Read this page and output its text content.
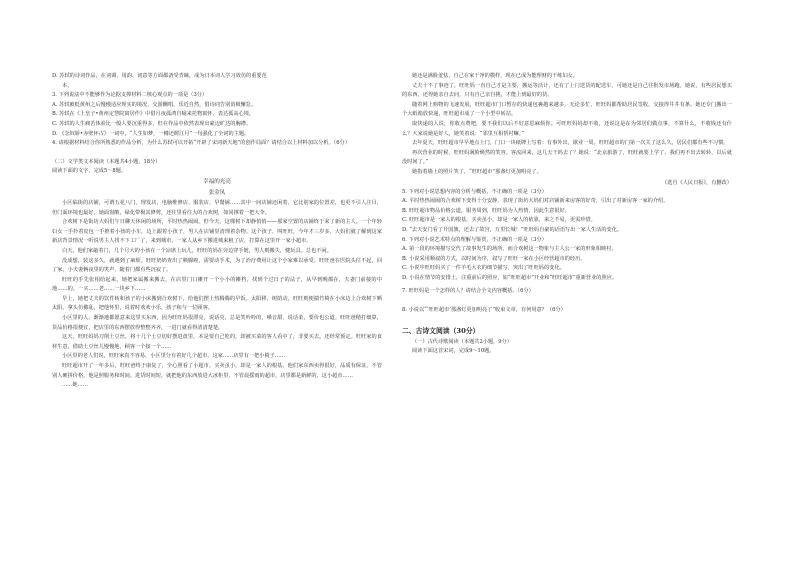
D. 苏轼的诗词作品，在词调、用韵、词意等方面都备受青睐，成为日本词人学习效仿的重要范

本。

3. 下列说法中不能够作为论据支撑材料二核心观点的一项是（3分）

A. 苏轼被贬黄州之后慢慢适应现实的境况，交游酬唱，乐近自然，借诗词告别消极懈怠。

B. 苏轼在《上皇子•黄州定慧院寓居作》中借月夜孤鸿自喻来托物寓怀，表达孤高心境。

C. 苏轼的人生痛苦体验比一般人要沉重得多，但在作品中依然表现出豪迈旷达的胸襟。

D. 《念奴娇•赤壁怀古》一词中，“人生如梦，一樽还酹江月”一句强化了全词的主题。

4. 请根据材料结合你所熟悉的作品分析，为什么苏轼可以开拓“开辟了宋词新天地”的创作局面？请结合以上材料加以分析。（6分）

（二）文学类文本阅读（本题共4小题，18分）

阅读下面的文字，完成5～8题。

幸福的光亮

张金凤

小区临街的店铺，可谓五花八门。理发店、电脑维修店、服装店、早餐铺……其中一间店铺还闲着，它比别家的位置差，也更不引人注目，但门面环境也最好，她面窗敞，绿化带极其修剪，还往里看往大的合欢树，如同撑着一把大伞。

合欢树下是街坊大妈们午日聊天休闲的场所，平时热热闹闹。但今天，这棵树下却静悄悄——那家空置的店铺终于来了新的主人。一个年轻妇女一手拎着皮包一手推着小孩的小车，边上跟着小孩子，男人在店铺里清理着杂物。这个孩子，叫旺旺，今年才三岁多，大妈们就了解到这家新店背景情况一听说男主人找不下工厂了，来到城市，一家人从乡下搬进城来租了店，打算在这里开一家小超市。

白天，他们家敲着门，几个月大的小孩在一个凉席上玩儿，旺旺的妈在旁边穿手链，男人则搬失，健玩具。总也不闲。

没成想，装这多久，就遇到了麻烦。旺旺奶奶查出了胰腺癌，需要动手术，为了治疗费用让这个小家难以承受。旺旺爸在医院头往不起，回了家，小夫妻俩夜里的笑声，随着门都有些沉寂了。

旺旺的手先张相给起来，她把家属搬来搬去，在店里门口摊开一个小小的摊档，找到个过日子的法子，从早到晚都在，夫妻门前接的中地……的。一买……老……一块乡下……

早上，她把丈夫的饮件转和孩子的小床搬到合欢树下，给他们摆上热腾腾的早饭。太阳移，树荫动，旺旺则便揣竹椅在小床边上合欢树下晒太阳，拿头仿佛乱，把他怀里，说着时欢欢小乐，孩子和与一位顾客。

小区里的人，渐渐地都愿意来这里买东西，因为旺旺妈很漂亮，说话亮，总是笑吟吟的，嗓音甜，说话柔，要价也公道。旺旺爸精打细算，货品价格很便宜，把店里的东西摆放得整整齐齐，一进门就看得清清楚楚。

这天，旺旺妈妈刀削土豆丝，将十几个土豆切好摆进盘里，本是要自己吃的，却被买菜的客人看中了，非要买去。还经常预定。旺旺家的食材生意，借助土豆丝儿慢慢地，顾客一个接一个……

小区里的老人们说，旺旺家真不容易，小区里分有着好几个超市，这家……店里有一把小椅子……

旺旺超市开了一年多后，旺旺爸终于康复了，全心照看了小超市。买卖虽小，却是一家人的根基。他们家东西卖得很好，品质有保证，不管别人硬拼价格，他是照服务和时间。进货时间短，就把他的东西放进大冰柜里，不管晨摇雨的超市，店里都是新鲜的，这小超市……

……她……

她还是满脸羞怯，自己在家干净的模样，现在已成为能理财的干练妇女。

丈夫十不了事迹了，旺旺妈一直自己才是主要，搬运等活计，还有了上门送货的配送车，可她还是自己往批发市场跑。她说，有些居民想买的东西，还得她亲自去问，只有自己亲自挑，才能上到最好的货。

随着网上购物的飞速发展，旺旺超市门口暂存的快递包裹越来越多，无论多忙，旺旺妈都帮助居民签收，交接得井井有条。她还专门搬出一个大纸箱放快递，旺旺超市成了一个小型中转站。

取快递的人说，你收点费吧，要不我们以后不好意思麻烦你。可旺旺妈妈却不收，还说这是在为邻居们做点事，不算什么，不收钱还有什么？大家说她是好人，她笑着说：“邻里互相帮衬嘛。”

去年夏天，旺旺超市早早地点上门，门口一块纸牌上写着：有事外出，歇业一周。旺旺超市的门第一次关了这么久，居民们都有些不习惯。

再次营业的时候，旺旺妈满脸焕然的笑容。客流回来，这几天干吗去了？她说：“北京旅游了，旺旺就要上学了，我们再不出去转转，以后就没时间了。”

她指着墙上的照片笑了，“旺旺超市”那盏灯更加明亮了。

（选自《人民日报》，有删改）

5. 下列对小说思想内容的分析与概括，不正确的一项是（3分）

A. 平时热热闹闹的合欢树下变得十分安静，表现了街坊大妈们对店铺新来房客的好奇，引出了对新房客一家的介绍。

B. 旺旺超市物品价格公道，服务周到，旺旺妈为人热情，因此生意很好。

C. 旺旺超市是一家人的根基，买卖虽小，却是一家人的依靠，来之不易，更需珍惜。

D. “去天安门看了升国旗，还去了故宫，万里长城！”旺旺妈自豪的话语写出一家人生活的变化。

6. 下列对小说艺术特点的理解与鉴赏，不正确的一项是（3分）

A. 第一段的环境描写交代了故事发生的场所，而合欢树这一物象与主人公一家的形象相映衬。

B. 小说采用顺叙的方式，以时间为序，叙写了旺旺一家在小区经营超市的经历。

C. 小说中旺旺妈买了一件羊毛大衣的细节描写，突出了旺旺妈的变化。

D. 小说在情节的安排上，注重前后的照应，如“旺旺超市”开业和“旺旺超市”重新营业的照应。

7. 旺旺妈是一个怎样的人？请结合全文内容概括。（6分）

8. 小说以“‘旺旺超市’那盏灯更加明亮了”收束文章，有何用意？（6分）

二、古诗文阅读（30分）

（一）古代诗歌阅读（本题共2小题，9分）

阅读下面这首宋词，完成9～10题。
